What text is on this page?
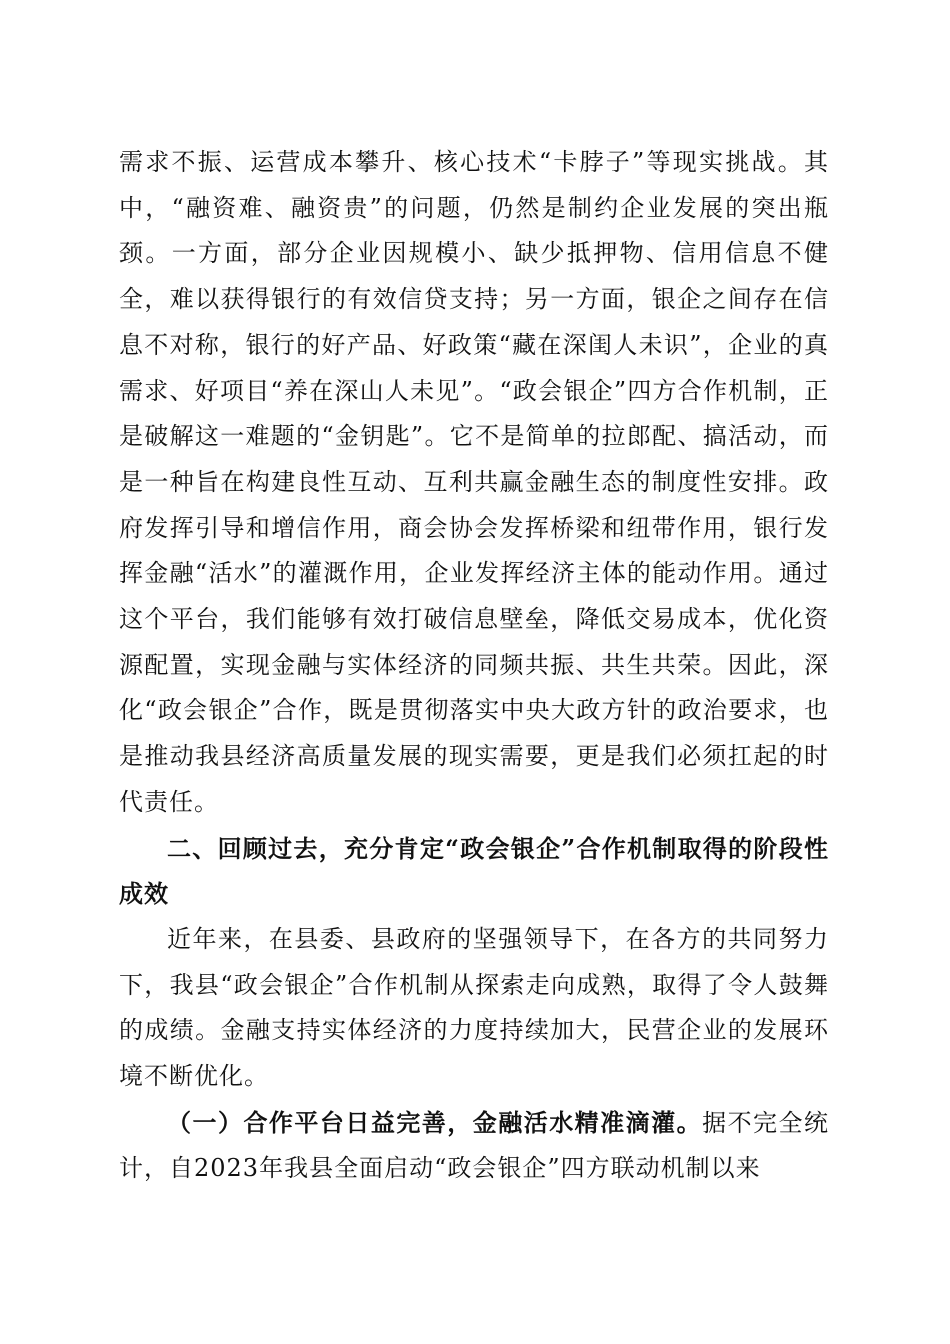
需求不振、运营成本攀升、核心技术“卡脖子”等现实挑战。其中，“融资难、融资贵”的问题，仍然是制约企业发展的突出瓶颈。一方面，部分企业因规模小、缺少抵押物、信用信息不健全，难以获得银行的有效信贷支持；另一方面，银企之间存在信息不对称，银行的好产品、好政策“藏在深闺人未识”，企业的真需求、好项目“养在深山人未见”。“政会银企”四方合作机制，正是破解这一难题的“金钥匙”。它不是简单的拉郎配、搞活动，而是一种旨在构建良性互动、互利共赢金融生态的制度性安排。政府发挥引导和增信作用，商会协会发挥桥梁和纽带作用，银行发挥金融“活水”的灌溉作用，企业发挥经济主体的能动作用。通过这个平台，我们能够有效打破信息壁垒，降低交易成本，优化资源配置，实现金融与实体经济的同频共振、共生共荣。因此，深化“政会银企”合作，既是贯彻落实中央大政方针的政治要求，也是推动我县经济高质量发展的现实需要，更是我们必须扛起的时代责任。

二、回顾过去，充分肯定“政会银企”合作机制取得的阶段性成效

近年来，在县委、县政府的坚强领导下，在各方的共同努力下，我县“政会银企”合作机制从探索走向成熟，取得了令人鼓舞的成绩。金融支持实体经济的力度持续加大，民营企业的发展环境不断优化。

（一）合作平台日益完善，金融活水精准滴灌。据不完全统计，自2023年我县全面启动“政会银企”四方联动机制以来
